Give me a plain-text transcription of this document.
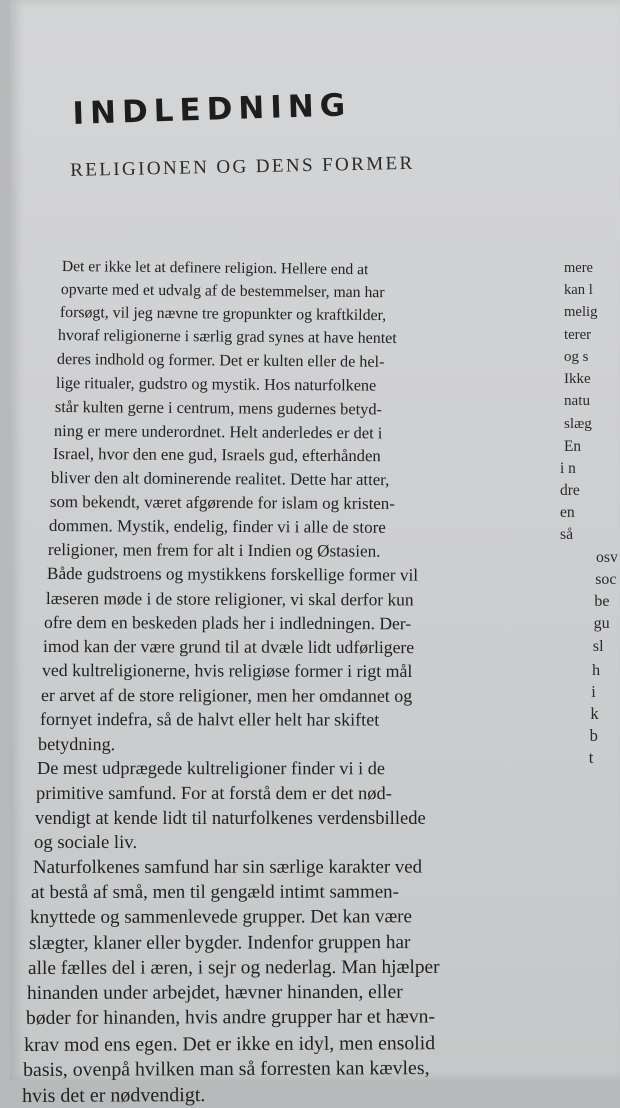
INDLEDNING
RELIGIONEN OG DENS FORMER
Det er ikke let at definere religion. Hellere end at
opvarte med et udvalg af de bestemmelser, man har
forsøgt, vil jeg nævne tre gropunkter og kraftkilder,
hvoraf religionerne i særlig grad synes at have hentet
deres indhold og former. Det er kulten eller de hel-
lige ritualer, gudstro og mystik. Hos naturfolkene
står kulten gerne i centrum, mens gudernes betyd-
ning er mere underordnet. Helt anderledes er det i
Israel, hvor den ene gud, Israels gud, efterhånden
bliver den alt dominerende realitet. Dette har atter,
som bekendt, været afgørende for islam og kristen-
dommen. Mystik, endelig, finder vi i alle de store
religioner, men frem for alt i Indien og Østasien.
Både gudstroens og mystikkens forskellige former vil
læseren møde i de store religioner, vi skal derfor kun
ofre dem en beskeden plads her i indledningen. Der-
imod kan der være grund til at dvæle lidt udførligere
ved kultreligionerne, hvis religiøse former i rigt mål
er arvet af de store religioner, men her omdannet og
fornyet indefra, så de halvt eller helt har skiftet
betydning.
De mest udprægede kultreligioner finder vi i de
primitive samfund. For at forstå dem er det nød-
vendigt at kende lidt til naturfolkenes verdensbillede
og sociale liv.
Naturfolkenes samfund har sin særlige karakter ved
at bestå af små, men til gengæld intimt sammen-
knyttede og sammenlevede grupper. Det kan være
slægter, klaner eller bygder. Indenfor gruppen har
alle fælles del i æren, i sejr og nederlag. Man hjælper
hinanden under arbejdet, hævner hinanden, eller
bøder for hinanden, hvis andre grupper har et hævn-
krav mod ens egen. Det er ikke en idyl, men ensolid
basis, ovenpå hvilken man så forresten kan kævles,
hvis det er nødvendigt.
mere
kan l
melig
terer
og s
Ikke
natu
slæg
En
i n
dre
en
så
osv
soc
be
gu
sl
h
i
k
b
t
